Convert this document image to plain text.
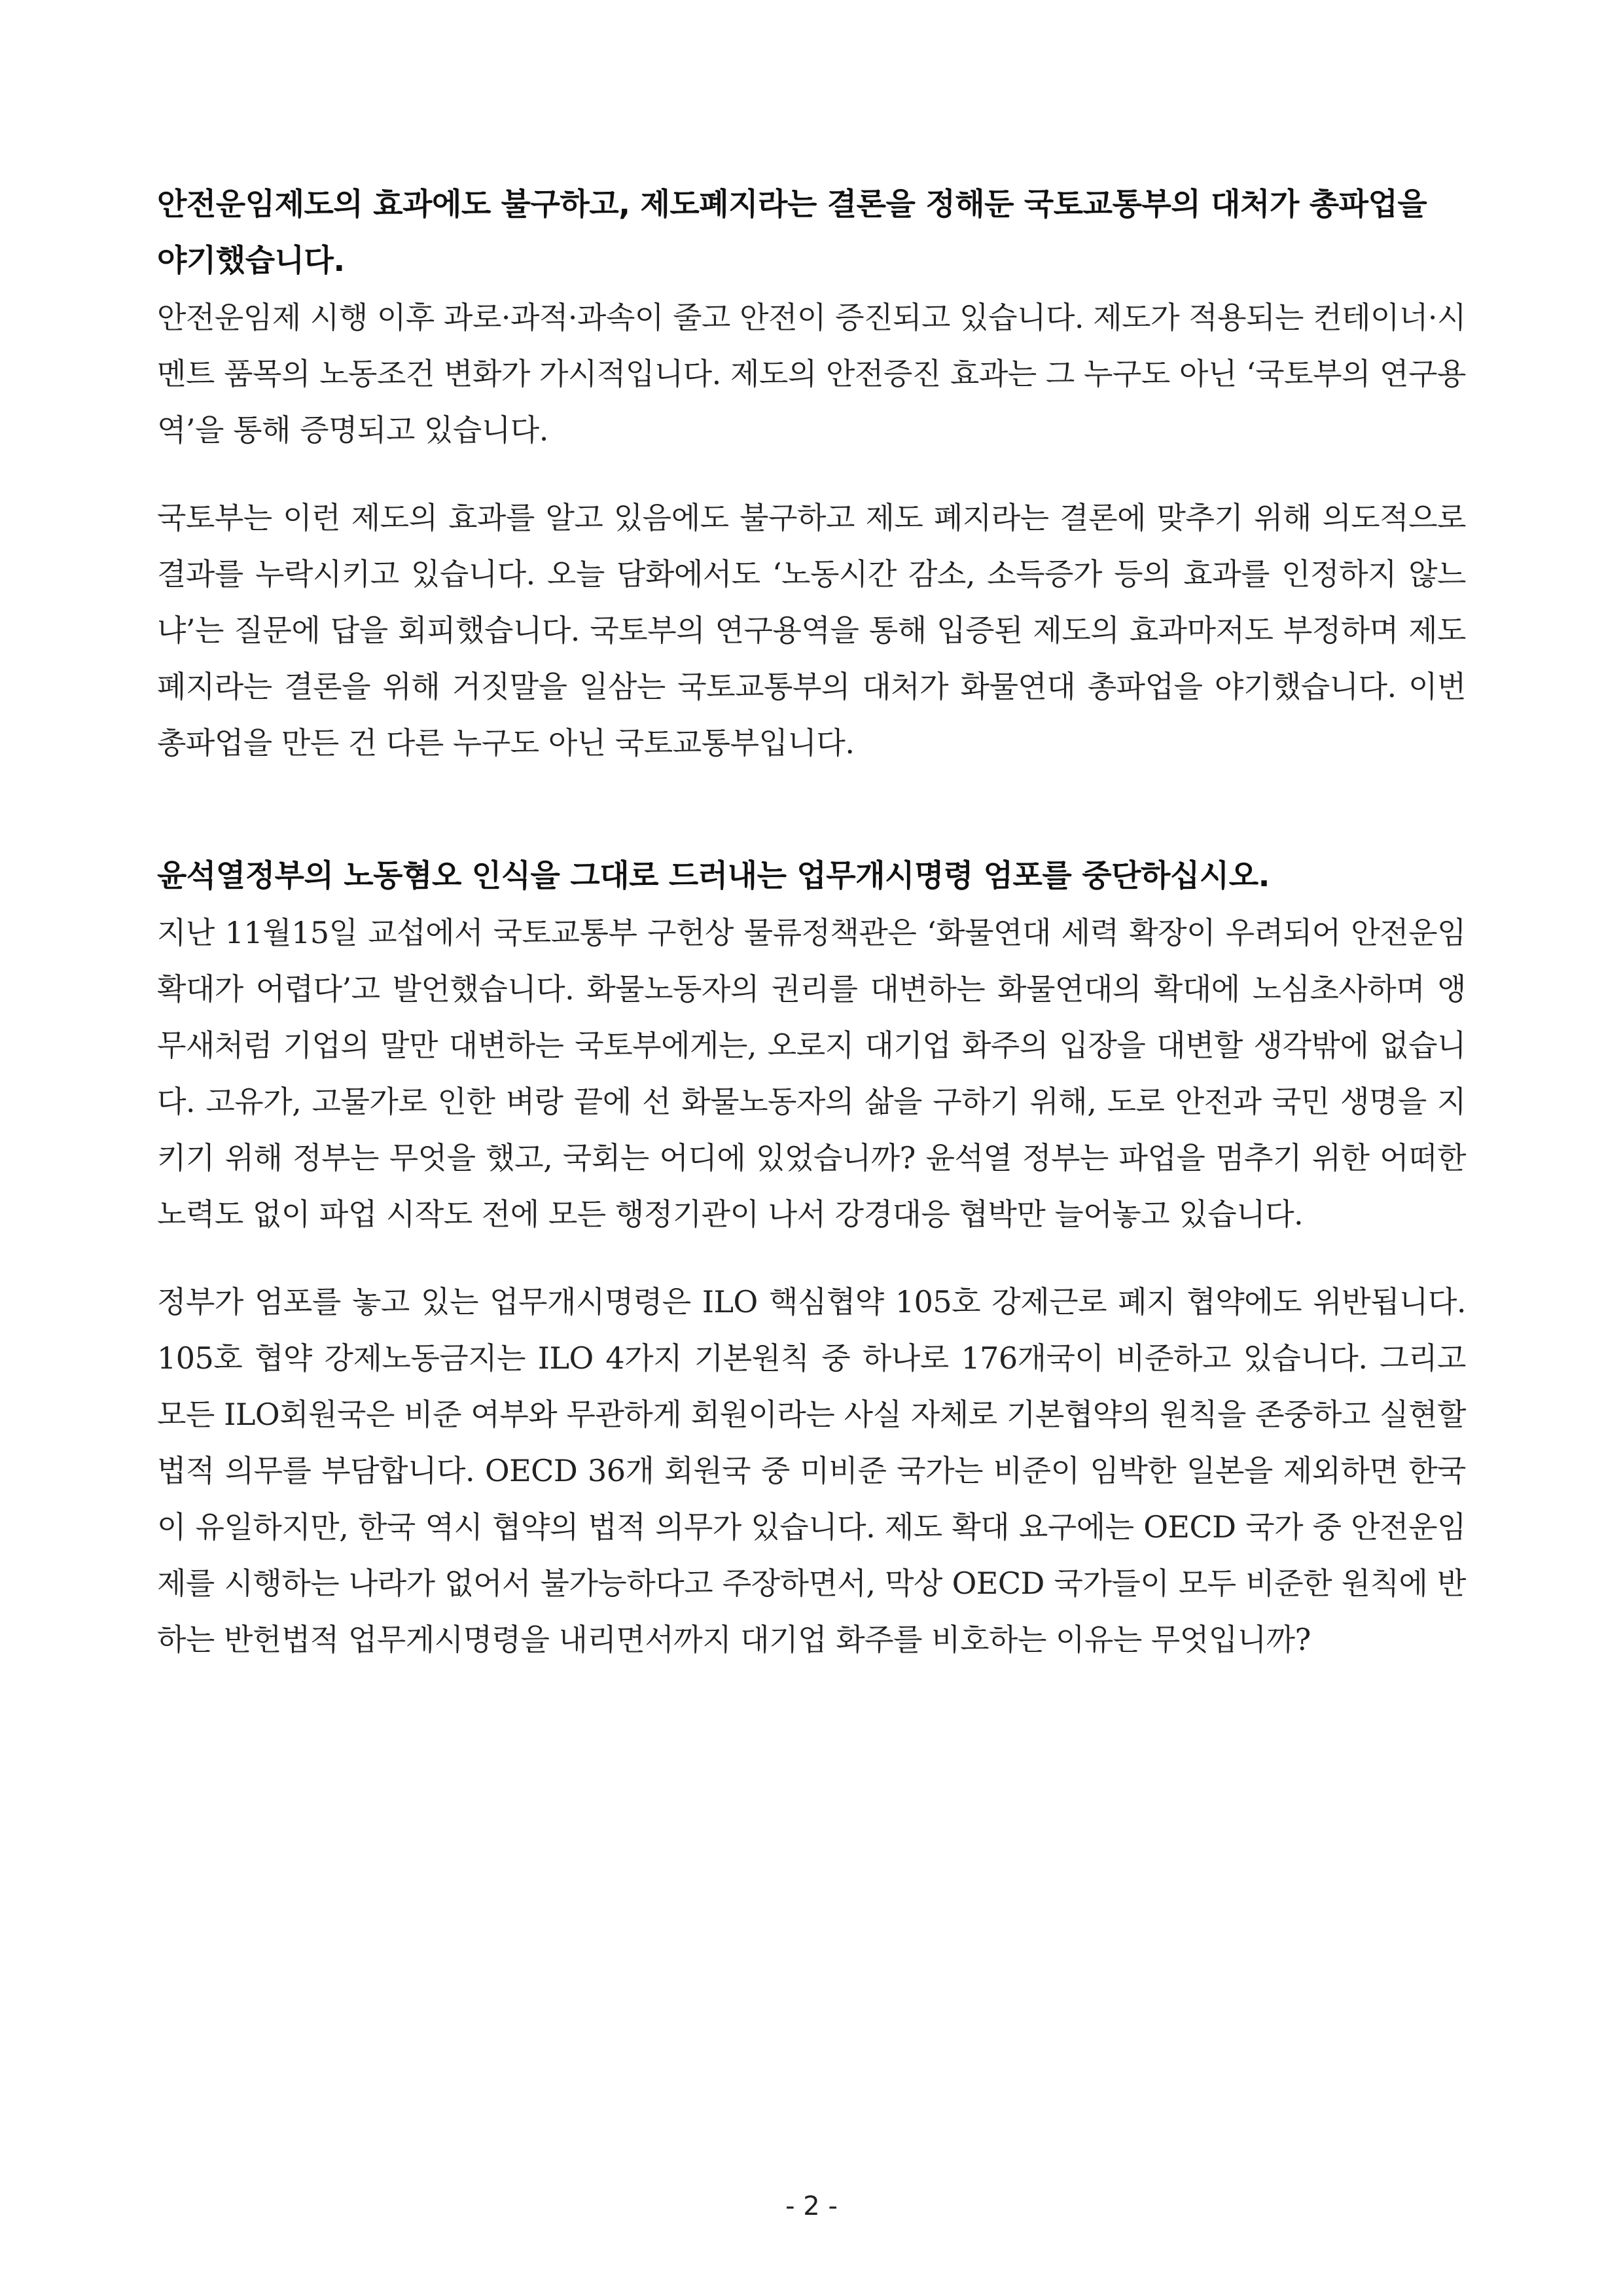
안전운임제도의 효과에도 불구하고, 제도폐지라는 결론을 정해둔 국토교통부의 대처가 총파업을 야기했습니다.

안전운임제 시행 이후 과로·과적·과속이 줄고 안전이 증진되고 있습니다. 제도가 적용되는 컨테이너·시멘트 품목의 노동조건 변화가 가시적입니다. 제도의 안전증진 효과는 그 누구도 아닌 ‘국토부의 연구용역’을 통해 증명되고 있습니다.

국토부는 이런 제도의 효과를 알고 있음에도 불구하고 제도 폐지라는 결론에 맞추기 위해 의도적으로 결과를 누락시키고 있습니다. 오늘 담화에서도 ‘노동시간 감소, 소득증가 등의 효과를 인정하지 않느냐’는 질문에 답을 회피했습니다. 국토부의 연구용역을 통해 입증된 제도의 효과마저도 부정하며 제도 폐지라는 결론을 위해 거짓말을 일삼는 국토교통부의 대처가 화물연대 총파업을 야기했습니다. 이번 총파업을 만든 건 다른 누구도 아닌 국토교통부입니다.

윤석열정부의 노동혐오 인식을 그대로 드러내는 업무개시명령 엄포를 중단하십시오.

지난 11월15일 교섭에서 국토교통부 구헌상 물류정책관은 ‘화물연대 세력 확장이 우려되어 안전운임 확대가 어렵다’고 발언했습니다. 화물노동자의 권리를 대변하는 화물연대의 확대에 노심초사하며 앵무새처럼 기업의 말만 대변하는 국토부에게는, 오로지 대기업 화주의 입장을 대변할 생각밖에 없습니다. 고유가, 고물가로 인한 벼랑 끝에 선 화물노동자의 삶을 구하기 위해, 도로 안전과 국민 생명을 지키기 위해 정부는 무엇을 했고, 국회는 어디에 있었습니까? 윤석열 정부는 파업을 멈추기 위한 어떠한 노력도 없이 파업 시작도 전에 모든 행정기관이 나서 강경대응 협박만 늘어놓고 있습니다.

정부가 엄포를 놓고 있는 업무개시명령은 ILO 핵심협약 105호 강제근로 폐지 협약에도 위반됩니다. 105호 협약 강제노동금지는 ILO 4가지 기본원칙 중 하나로 176개국이 비준하고 있습니다. 그리고 모든 ILO회원국은 비준 여부와 무관하게 회원이라는 사실 자체로 기본협약의 원칙을 존중하고 실현할 법적 의무를 부담합니다. OECD 36개 회원국 중 미비준 국가는 비준이 임박한 일본을 제외하면 한국이 유일하지만, 한국 역시 협약의 법적 의무가 있습니다. 제도 확대 요구에는 OECD 국가 중 안전운임제를 시행하는 나라가 없어서 불가능하다고 주장하면서, 막상 OECD 국가들이 모두 비준한 원칙에 반하는 반헌법적 업무게시명령을 내리면서까지 대기업 화주를 비호하는 이유는 무엇입니까?

- 2 -
